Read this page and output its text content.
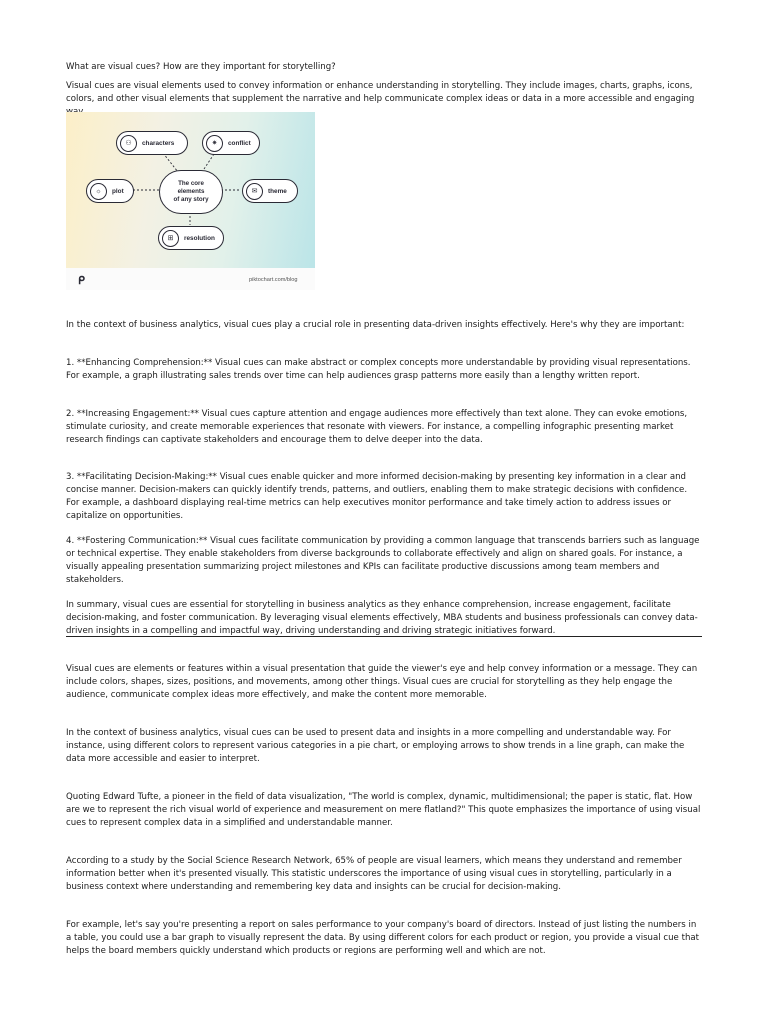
What are visual cues? How are they important for storytelling?

Visual cues are visual elements used to convey information or enhance understanding in storytelling. They include images, charts, graphs, icons, colors, and other visual elements that supplement the narrative and help communicate complex ideas or data in a more accessible and engaging

⚇	characters	✷	conflict
☼	plot	✉	theme
⊞	resolution
The core
elements
of any story
ᑭ	piktochart.com/blog

In the context of business analytics, visual cues play a crucial role in presenting data-driven insights effectively. Here's why they are important:

1. **Enhancing Comprehension:** Visual cues can make abstract or complex concepts more understandable by providing visual representations. For example, a graph illustrating sales trends over time can help audiences grasp patterns more easily than a lengthy written report.

2. **Increasing Engagement:** Visual cues capture attention and engage audiences more effectively than text alone. They can evoke emotions, stimulate curiosity, and create memorable experiences that resonate with viewers. For instance, a compelling infographic presenting market research findings can captivate stakeholders and encourage them to delve deeper into the data.

3. **Facilitating Decision-Making:** Visual cues enable quicker and more informed decision-making by presenting key information in a clear and concise manner. Decision-makers can quickly identify trends, patterns, and outliers, enabling them to make strategic decisions with confidence. For example, a dashboard displaying real-time metrics can help executives monitor performance and take timely action to address issues or capitalize on opportunities.

4. **Fostering Communication:** Visual cues facilitate communication by providing a common language that transcends barriers such as language or technical expertise. They enable stakeholders from diverse backgrounds to collaborate effectively and align on shared goals. For instance, a visually appealing presentation summarizing project milestones and KPIs can facilitate productive discussions among team members and stakeholders.

In summary, visual cues are essential for storytelling in business analytics as they enhance comprehension, increase engagement, facilitate decision-making, and foster communication. By leveraging visual elements effectively, MBA students and business professionals can convey data-driven insights in a compelling and impactful way, driving understanding and driving strategic initiatives forward.

Visual cues are elements or features within a visual presentation that guide the viewer's eye and help convey information or a message. They can include colors, shapes, sizes, positions, and movements, among other things. Visual cues are crucial for storytelling as they help engage the audience, communicate complex ideas more effectively, and make the content more memorable.

In the context of business analytics, visual cues can be used to present data and insights in a more compelling and understandable way. For instance, using different colors to represent various categories in a pie chart, or employing arrows to show trends in a line graph, can make the data more accessible and easier to interpret.

Quoting Edward Tufte, a pioneer in the field of data visualization, "The world is complex, dynamic, multidimensional; the paper is static, flat. How are we to represent the rich visual world of experience and measurement on mere flatland?" This quote emphasizes the importance of using visual cues to represent complex data in a simplified and understandable manner.

According to a study by the Social Science Research Network, 65% of people are visual learners, which means they understand and remember information better when it's presented visually. This statistic underscores the importance of using visual cues in storytelling, particularly in a business context where understanding and remembering key data and insights can be crucial for decision-making.

For example, let's say you're presenting a report on sales performance to your company's board of directors. Instead of just listing the numbers in a table, you could use a bar graph to visually represent the data. By using different colors for each product or region, you provide a visual cue that helps the board members quickly understand which products or regions are performing well and which are not.
